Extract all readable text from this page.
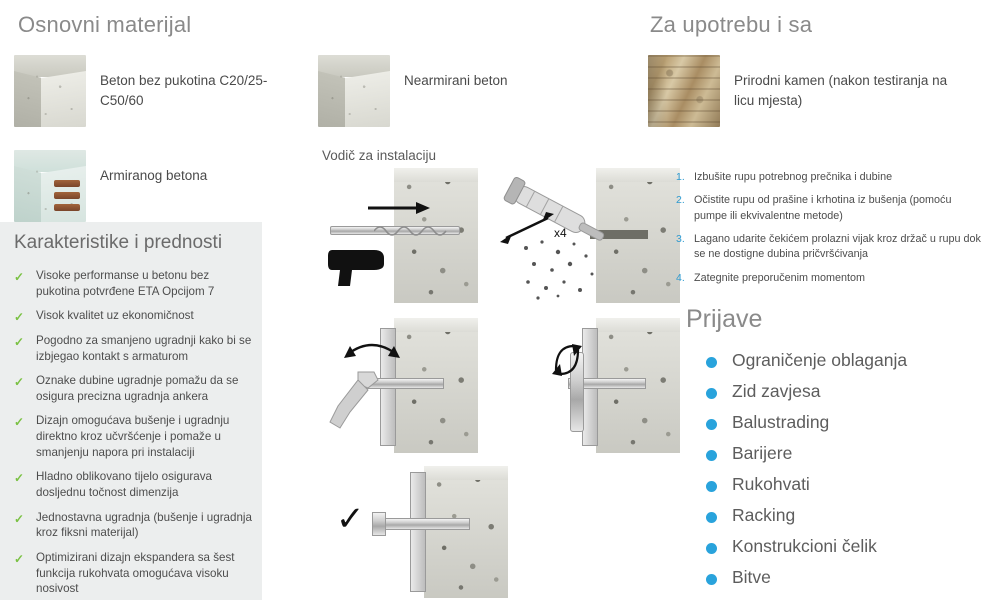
Osnovni materijal	Za upotrebu i sa
Beton bez pukotina C20/25-C50/60
Armiranog betona
Nearmirani beton	Prirodni kamen (nakon testiranja na licu mjesta)
Karakteristike i prednosti
✓ Visoke performanse u betonu bez pukotina potvrđene ETA Opcijom 7
✓ Visok kvalitet uz ekonomičnost
✓ Pogodno za smanjeno ugradnji kako bi se izbjegao kontakt s armaturom
✓ Oznake dubine ugradnje pomažu da se osigura precizna ugradnja ankera
✓ Dizajn omogućava bušenje i ugradnju direktno kroz učvršćenje i pomaže u smanjenju napora pri instalaciji
✓ Hladno oblikovano tijelo osigurava dosljednu točnost dimenzija
✓ Jednostavna ugradnja (bušenje i ugradnja kroz fiksni materijal)
✓ Optimizirani dizajn ekspandera sa šest funkcija rukohvata omogućava visoku nosivost
Vodič za instalaciju
x4
✓
1. Izbušite rupu potrebnog prečnika i dubine
2. Očistite rupu od prašine i krhotina iz bušenja (pomoću pumpe ili ekvivalentne metode)
3. Lagano udarite čekićem prolazni vijak kroz držač u rupu dok se ne dostigne dubina pričvršćivanja
4. Zategnite preporučenim momentom
Prijave
Ograničenje oblaganja
Zid zavjesa
Balustrading
Barijere
Rukohvati
Racking
Konstrukcioni čelik
Bitve
